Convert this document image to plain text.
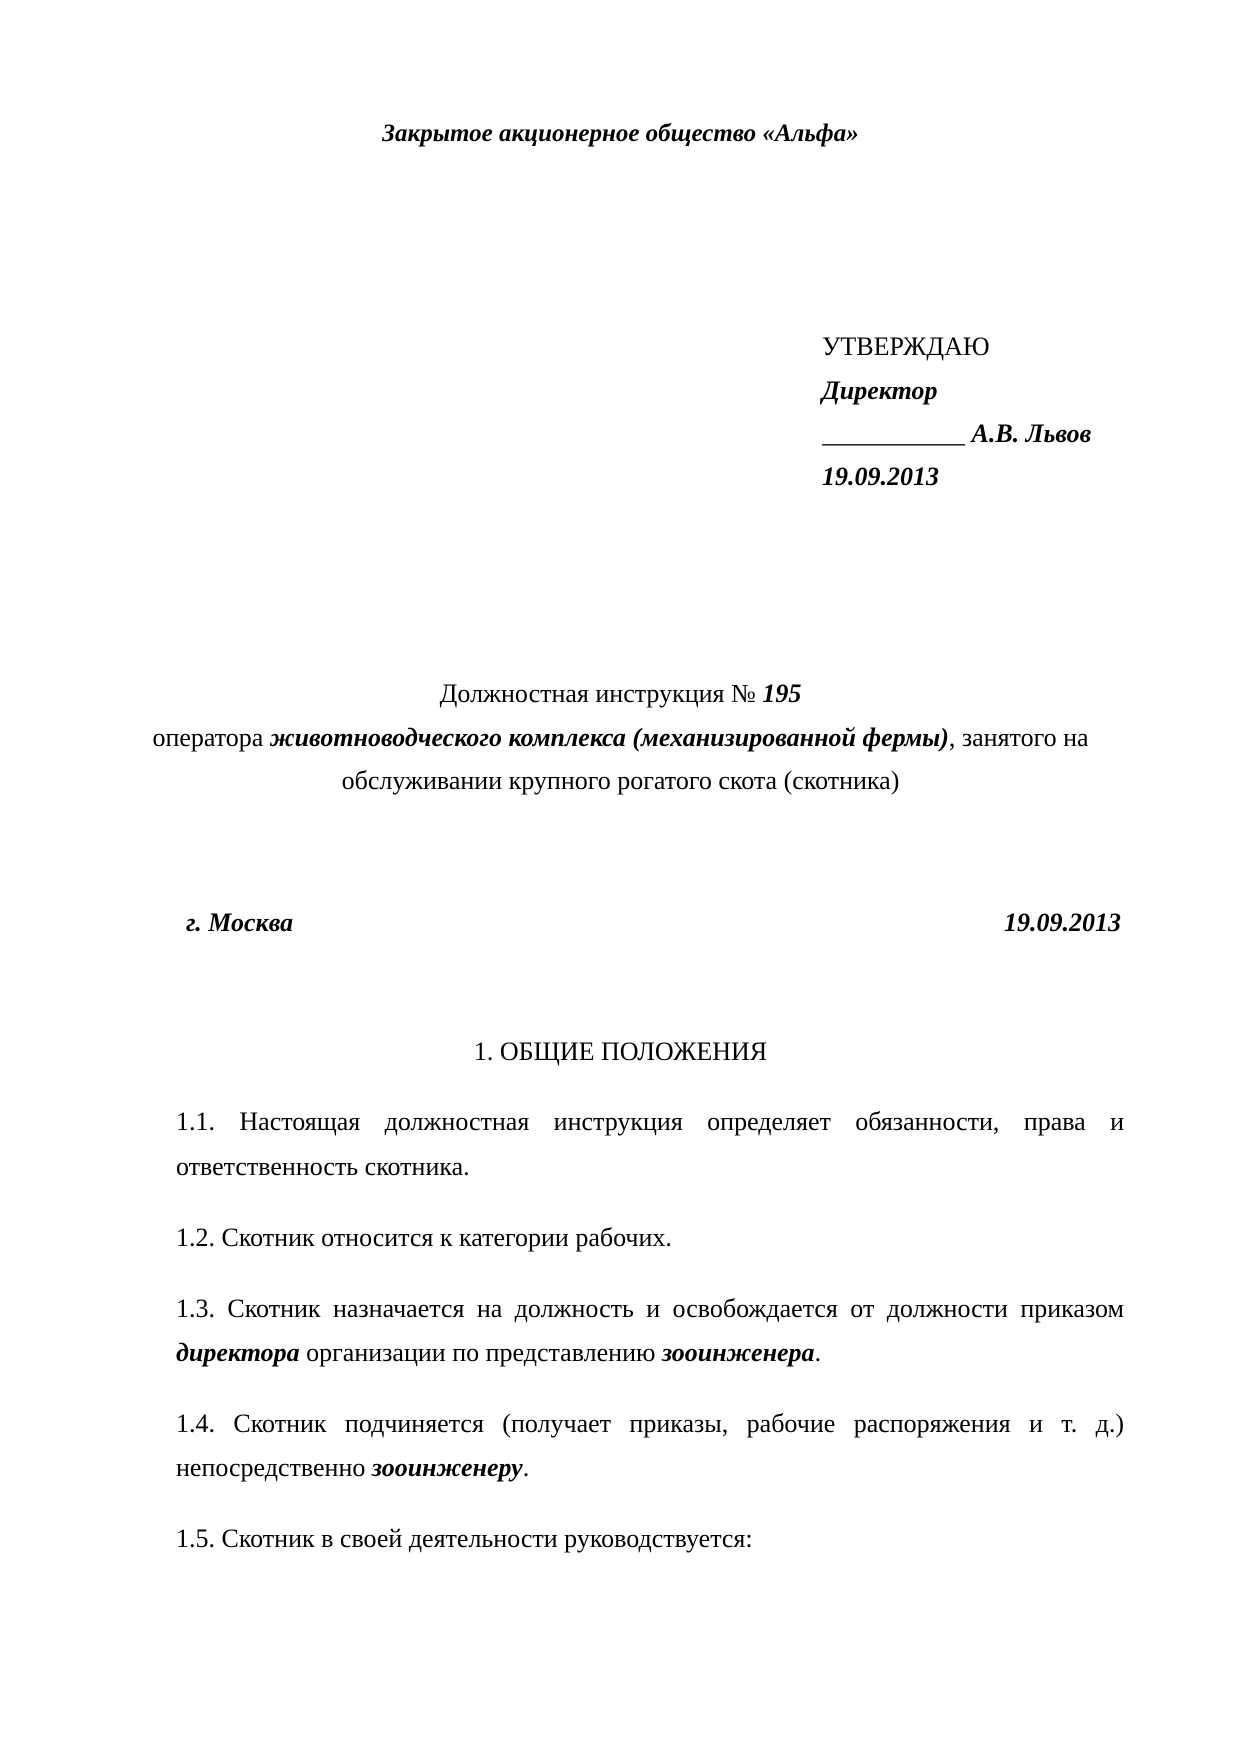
Закрытое акционерное общество «Альфа»
УТВЕРЖДАЮ
Директор
___________ А.В. Львов
19.09.2013
Должностная инструкция № 195
оператора животноводческого комплекса (механизированной фермы), занятого на
обслуживании крупного рогатого скота (скотника)
г. Москва	19.09.2013
1. ОБЩИЕ ПОЛОЖЕНИЯ
1.1. Настоящая должностная инструкция определяет обязанности, права и
ответственность скотника.
1.2. Скотник относится к категории рабочих.
1.3. Скотник назначается на должность и освобождается от должности приказом
директора организации по представлению зооинженера.
1.4. Скотник подчиняется (получает приказы, рабочие распоряжения и т. д.)
непосредственно зооинженеру.
1.5. Скотник в своей деятельности руководствуется:
